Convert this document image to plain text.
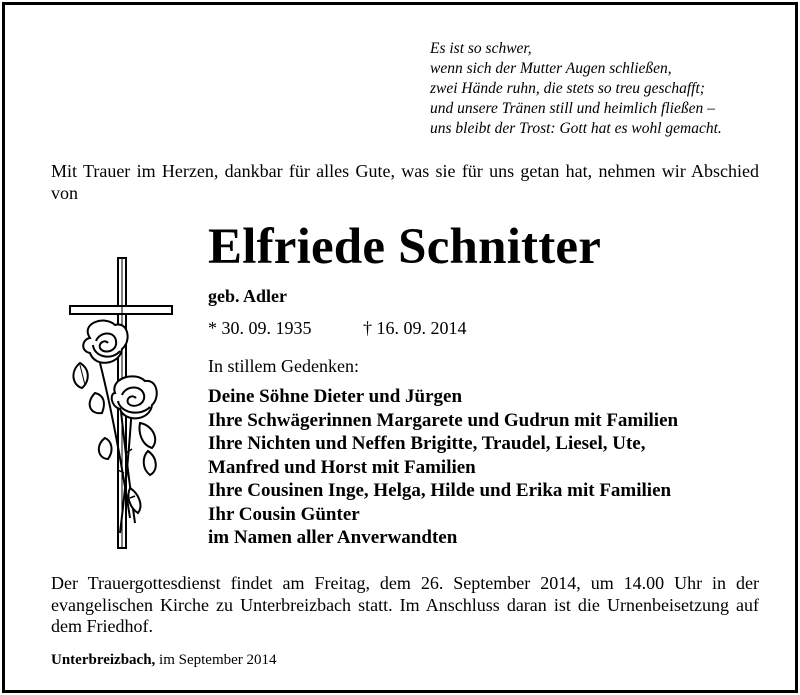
Es ist so schwer,
wenn sich der Mutter Augen schließen,
zwei Hände ruhn, die stets so treu geschafft;
und unsere Tränen still und heimlich fließen –
uns bleibt der Trost: Gott hat es wohl gemacht.
Mit Trauer im Herzen, dankbar für alles Gute, was sie für uns getan hat, nehmen wir Abschied von
Elfriede Schnitter
geb. Adler
* 30. 09. 1935	† 16. 09. 2014
In stillem Gedenken:
Deine Söhne Dieter und Jürgen
Ihre Schwägerinnen Margarete und Gudrun mit Familien
Ihre Nichten und Neffen Brigitte, Traudel, Liesel, Ute,
Manfred und Horst mit Familien
Ihre Cousinen Inge, Helga, Hilde und Erika mit Familien
Ihr Cousin Günter
im Namen aller Anverwandten
Der Trauergottesdienst findet am Freitag, dem 26. September 2014, um 14.00 Uhr in der evangelischen Kirche zu Unterbreizbach statt. Im Anschluss daran ist die Urnenbeisetzung auf dem Friedhof.
Unterbreizbach, im September 2014
